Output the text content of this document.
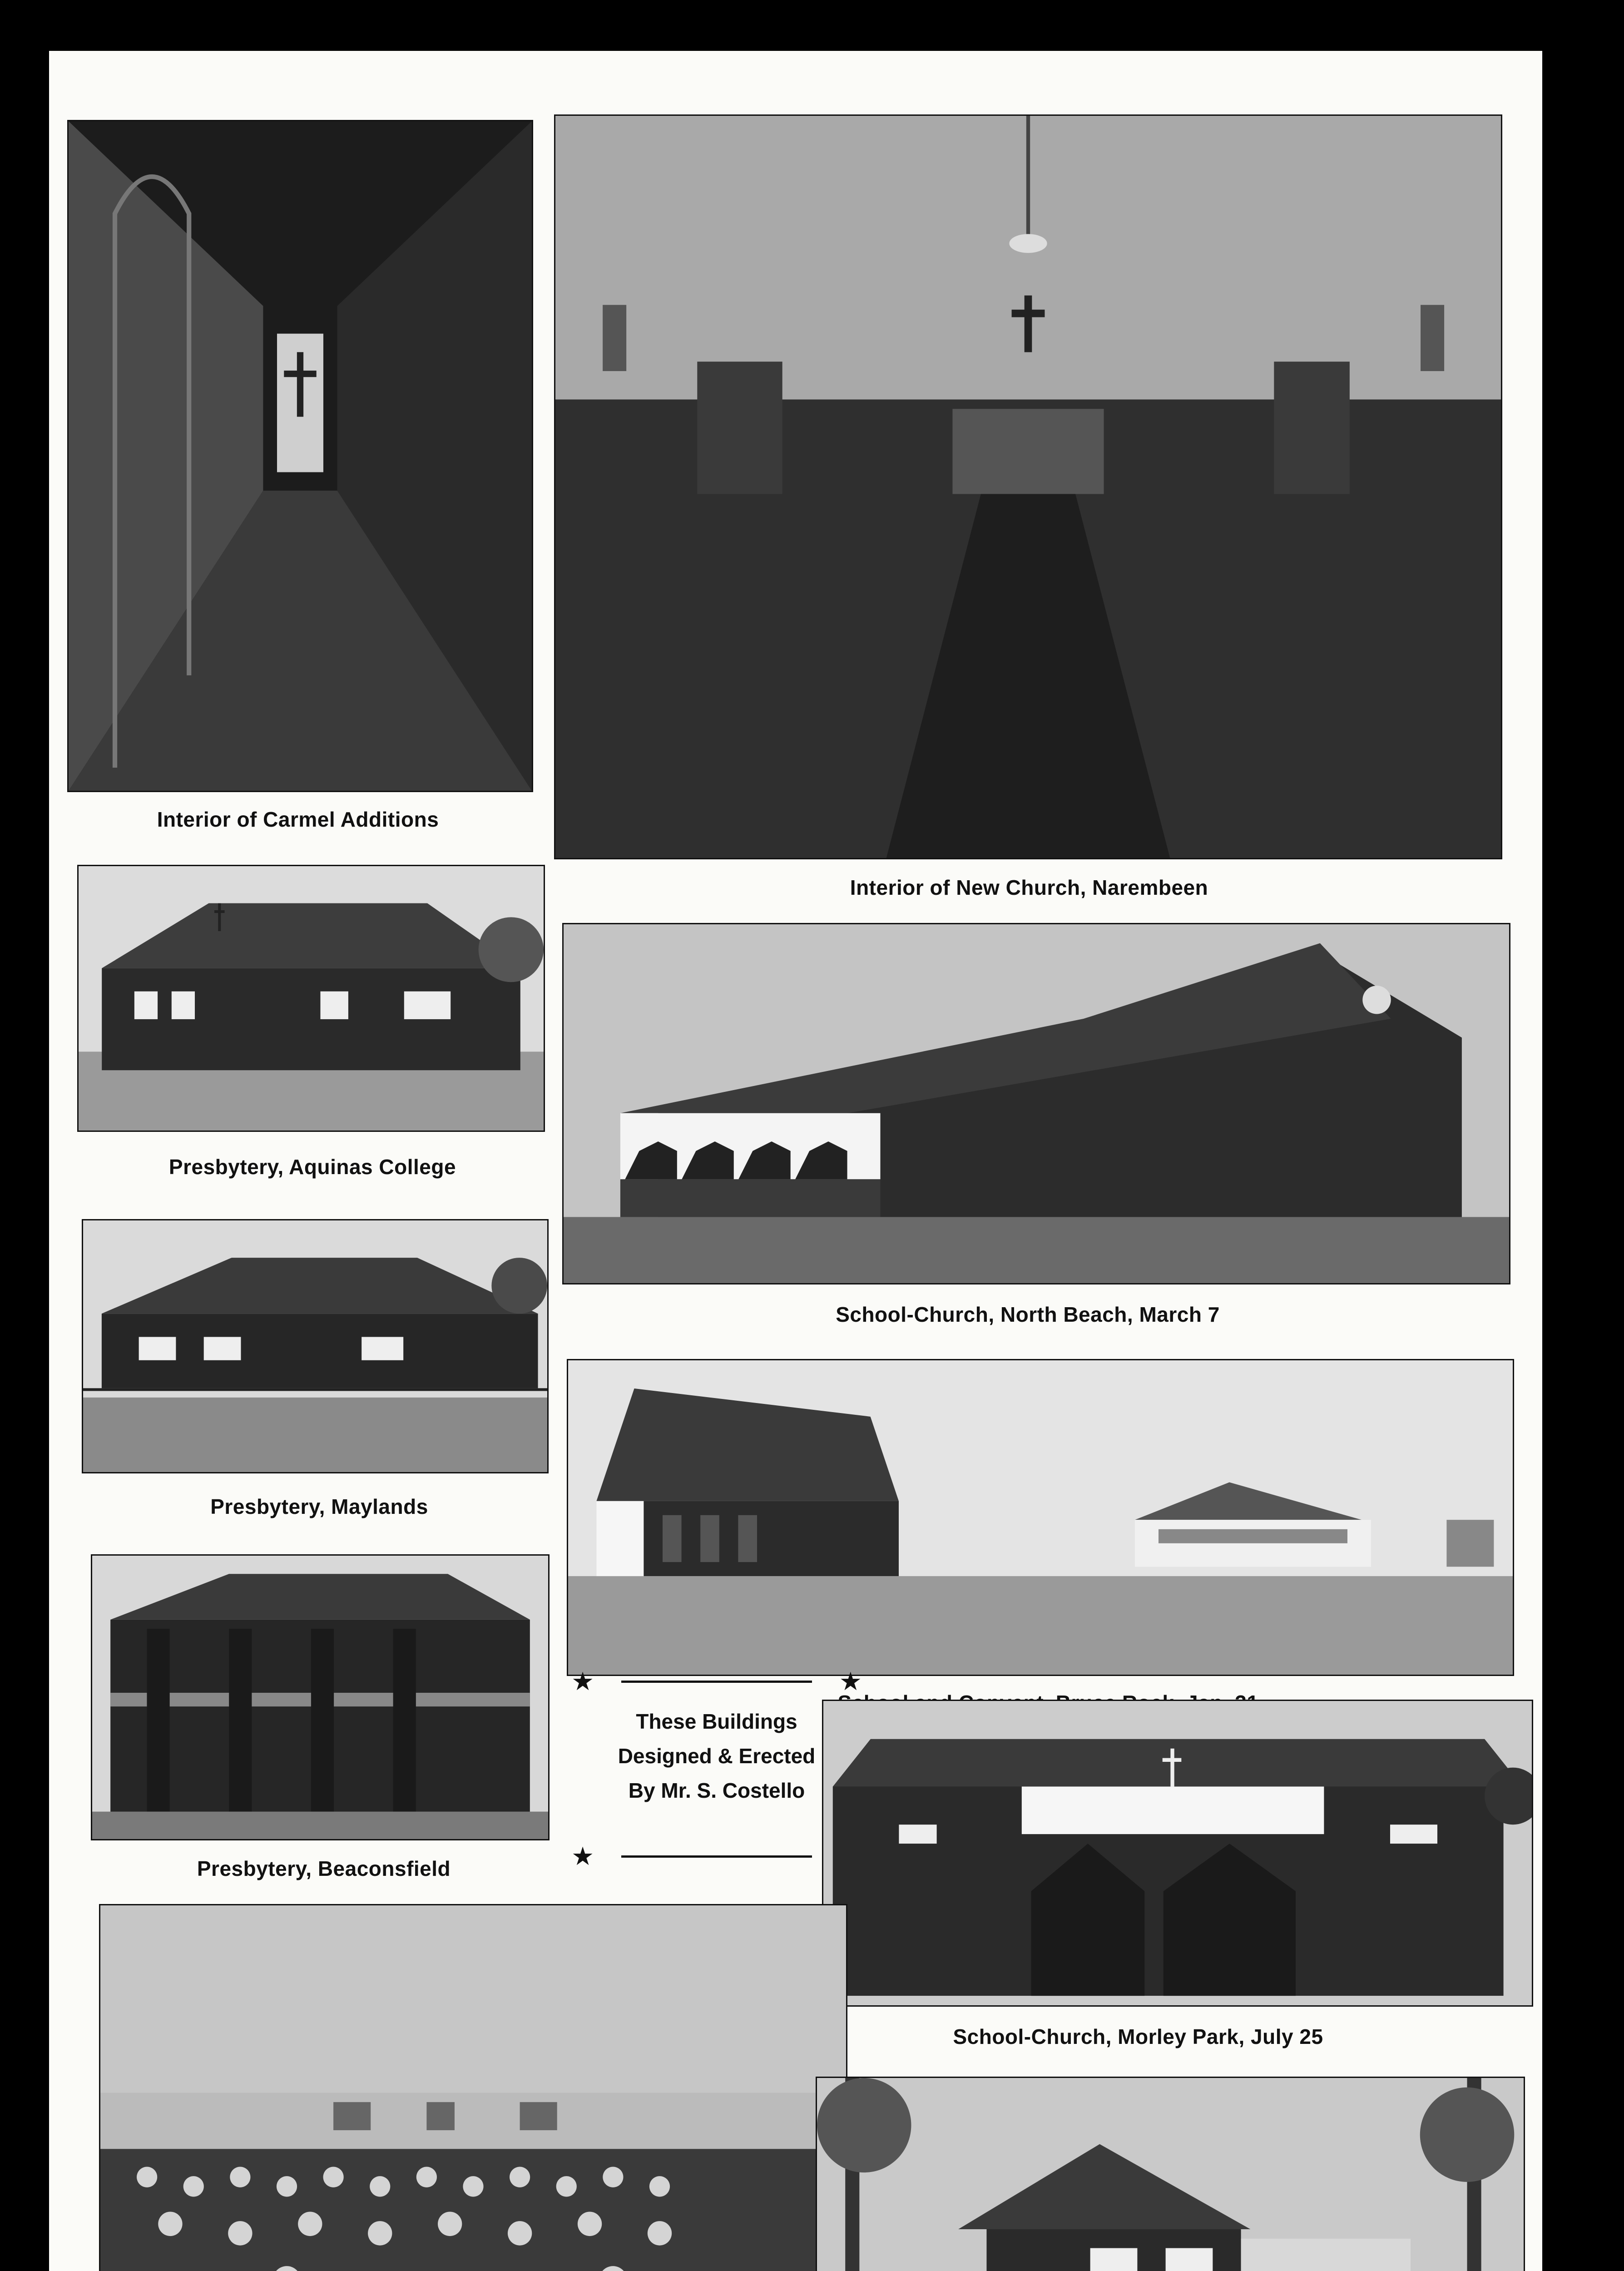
Interior of Carmel Additions
Interior of New Church, Narembeen
Presbytery, Aquinas College
School-Church, North Beach, March 7
Presbytery, Maylands
Presbytery, Beaconsfield
★	★
These Buildings
Designed & Erected
By Mr. S. Costello
★
School-Church, Morley Park, July 25
